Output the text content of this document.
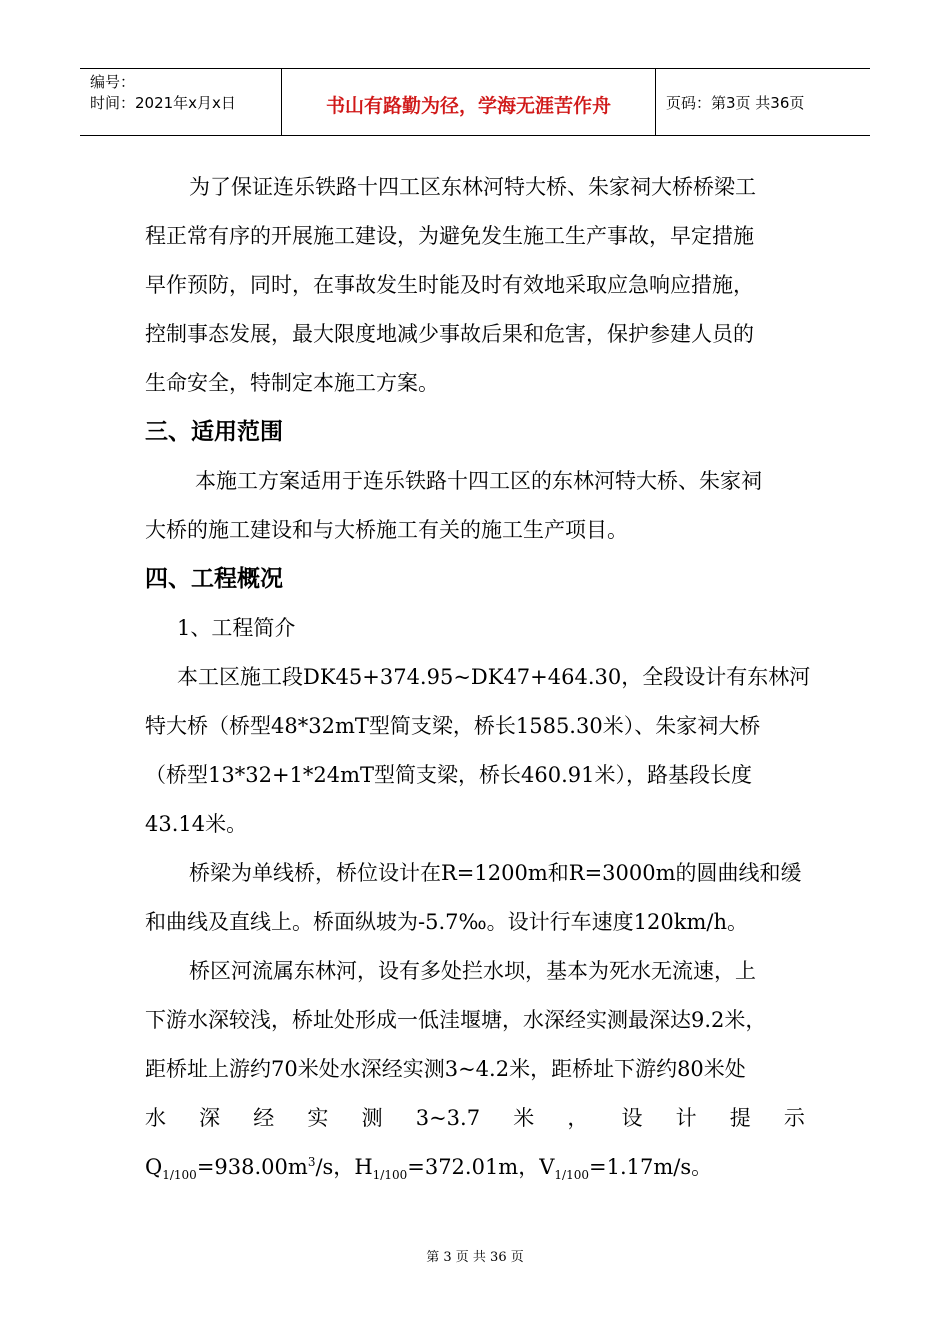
编号：
时间：2021年x月x日	书山有路勤为径，学海无涯苦作舟	页码：第3页 共36页

为了保证连乐铁路十四工区东林河特大桥、朱家祠大桥桥梁工

程正常有序的开展施工建设，为避免发生施工生产事故，早定措施

早作预防，同时，在事故发生时能及时有效地采取应急响应措施，

控制事态发展，最大限度地减少事故后果和危害，保护参建人员的

生命安全，特制定本施工方案。

三、适用范围

本施工方案适用于连乐铁路十四工区的东林河特大桥、朱家祠

大桥的施工建设和与大桥施工有关的施工生产项目。

四、工程概况

1、工程简介

本工区施工段DK45+374.95~DK47+464.30，全段设计有东林河

特大桥（桥型48*32mT型简支梁，桥长1585.30米）、朱家祠大桥

（桥型13*32+1*24mT型简支梁，桥长460.91米），路基段长度

43.14米。

桥梁为单线桥，桥位设计在R=1200m和R=3000m的圆曲线和缓

和曲线及直线上。桥面纵坡为-5.7‰。设计行车速度120km/h。

桥区河流属东林河，设有多处拦水坝，基本为死水无流速，上

下游水深较浅，桥址处形成一低洼堰塘，水深经实测最深达9.2米，

距桥址上游约70米处水深经实测3~4.2米，距桥址下游约80米处

水 深 经 实 测 3~3.7 米 ， 设 计 提 示

$Q_{1/100}=938.00m^3/s$，$H_{1/100}=372.01m$，$V_{1/100}=1.17m/s$。

第 3 页 共 36 页
